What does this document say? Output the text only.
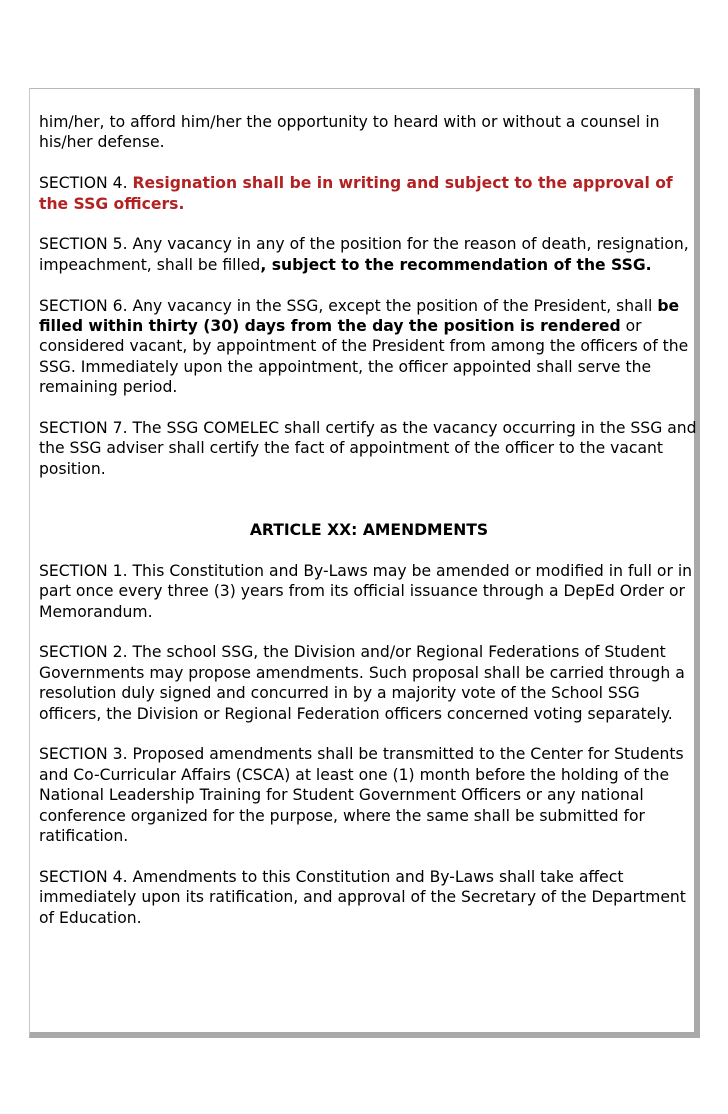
him/her, to afford him/her the opportunity to heard with or without a counsel in his/her defense.

SECTION 4. Resignation shall be in writing and subject to the approval of the SSG officers.

SECTION 5. Any vacancy in any of the position for the reason of death, resignation, impeachment, shall be filled, subject to the recommendation of the SSG.

SECTION 6. Any vacancy in the SSG, except the position of the President, shall be filled within thirty (30) days from the day the position is rendered or considered vacant, by appointment of the President from among the officers of the SSG. Immediately upon the appointment, the officer appointed shall serve the remaining period.

SECTION 7. The SSG COMELEC shall certify as the vacancy occurring in the SSG and the SSG adviser shall certify the fact of appointment of the officer to the vacant position.

ARTICLE XX: AMENDMENTS

SECTION 1. This Constitution and By-Laws may be amended or modified in full or in part once every three (3) years from its official issuance through a DepEd Order or Memorandum.

SECTION 2. The school SSG, the Division and/or Regional Federations of Student Governments may propose amendments. Such proposal shall be carried through a resolution duly signed and concurred in by a majority vote of the School SSG officers, the Division or Regional Federation officers concerned voting separately.

SECTION 3. Proposed amendments shall be transmitted to the Center for Students and Co-Curricular Affairs (CSCA) at least one (1) month before the holding of the National Leadership Training for Student Government Officers or any national conference organized for the purpose, where the same shall be submitted for ratification.

SECTION 4. Amendments to this Constitution and By-Laws shall take affect immediately upon its ratification, and approval of the Secretary of the Department of Education.
